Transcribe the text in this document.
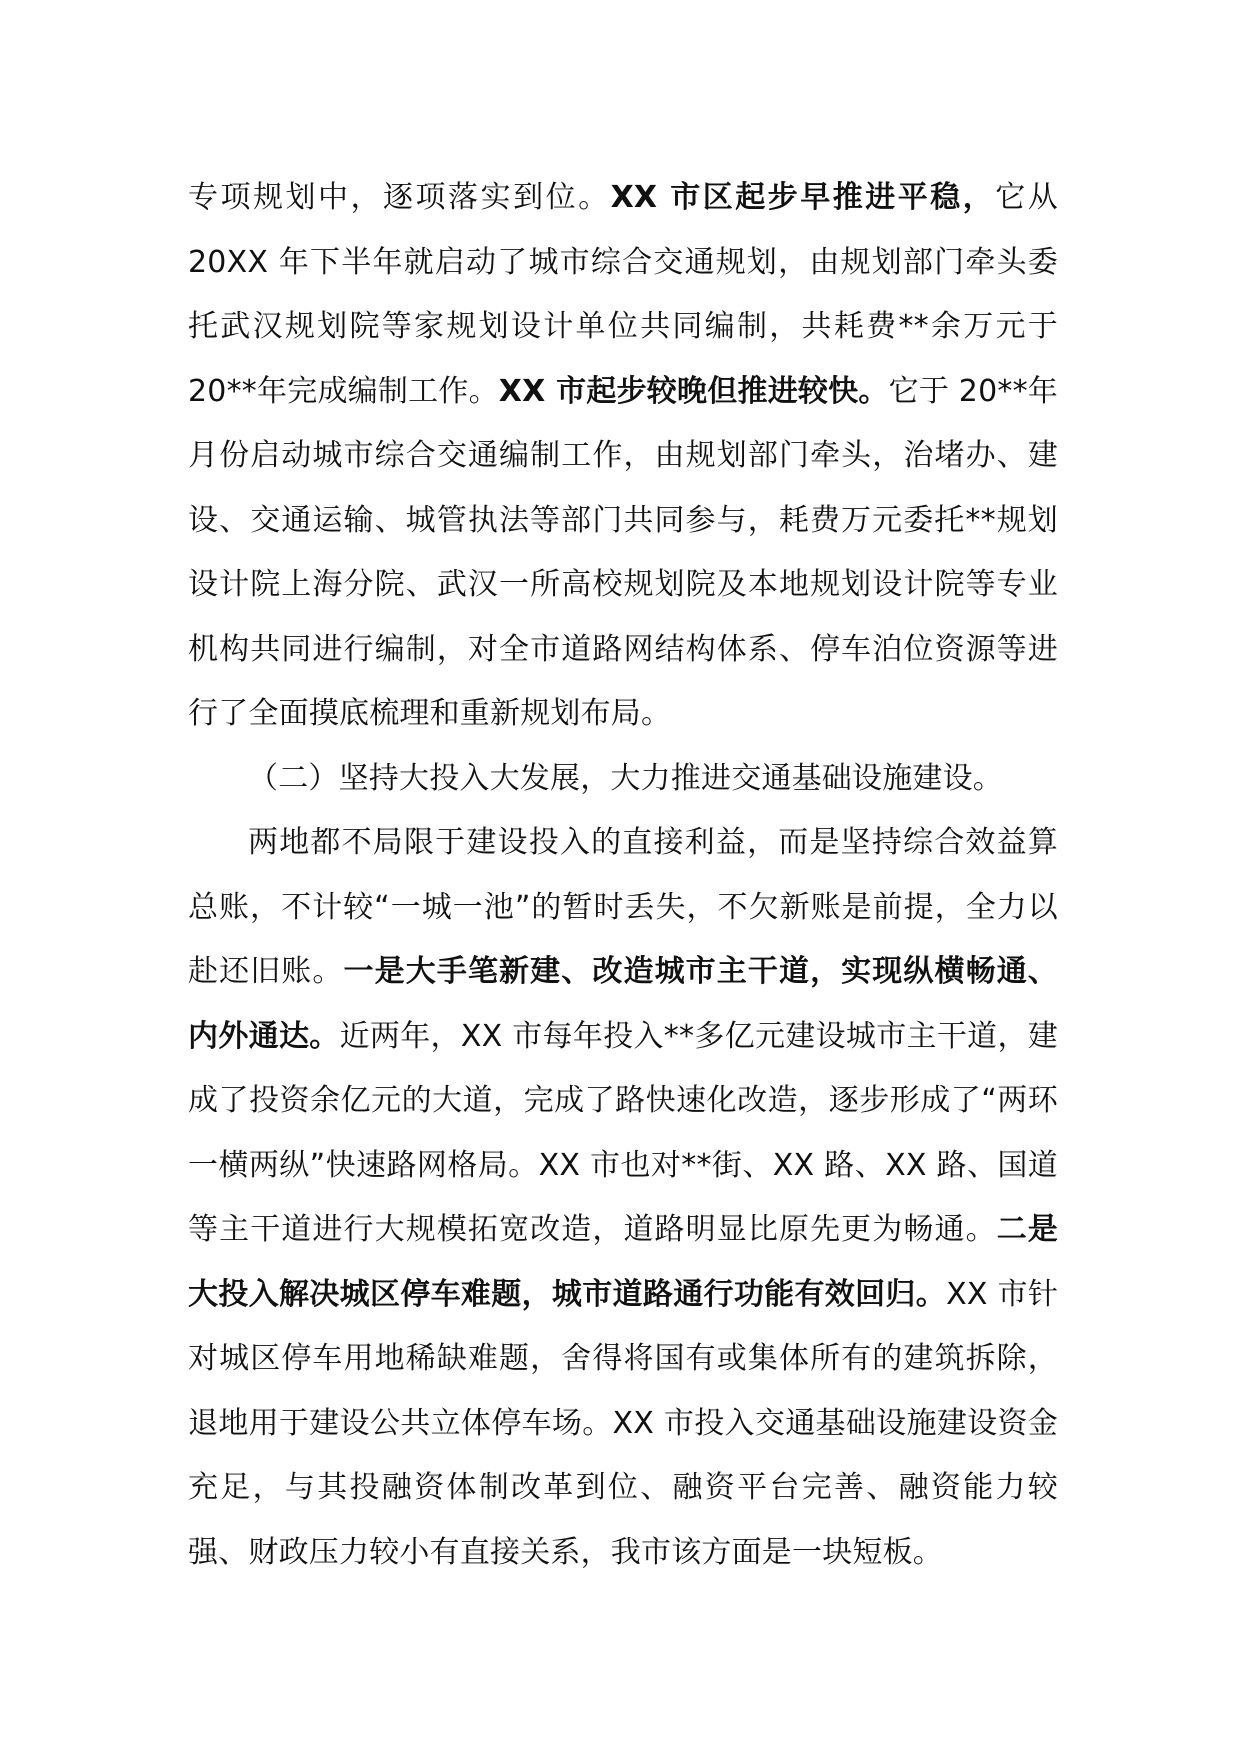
专项规划中，逐项落实到位。XX 市区起步早推进平稳，它从 20XX 年下半年就启动了城市综合交通规划，由规划部门牵头委托武汉规划院等家规划设计单位共同编制，共耗费**余万元于 20**年完成编制工作。XX 市起步较晚但推进较快。它于 20**年月份启动城市综合交通编制工作，由规划部门牵头，治堵办、建设、交通运输、城管执法等部门共同参与，耗费万元委托**规划设计院上海分院、武汉一所高校规划院及本地规划设计院等专业机构共同进行编制，对全市道路网结构体系、停车泊位资源等进行了全面摸底梳理和重新规划布局。

（二）坚持大投入大发展，大力推进交通基础设施建设。

两地都不局限于建设投入的直接利益，而是坚持综合效益算总账，不计较“一城一池”的暂时丢失，不欠新账是前提，全力以赴还旧账。一是大手笔新建、改造城市主干道，实现纵横畅通、内外通达。近两年，XX 市每年投入**多亿元建设城市主干道，建成了投资余亿元的大道，完成了路快速化改造，逐步形成了“两环一横两纵”快速路网格局。XX 市也对**街、XX 路、XX 路、国道等主干道进行大规模拓宽改造，道路明显比原先更为畅通。二是大投入解决城区停车难题，城市道路通行功能有效回归。XX 市针对城区停车用地稀缺难题，舍得将国有或集体所有的建筑拆除，退地用于建设公共立体停车场。XX 市投入交通基础设施建设资金充足，与其投融资体制改革到位、融资平台完善、融资能力较强、财政压力较小有直接关系，我市该方面是一块短板。
